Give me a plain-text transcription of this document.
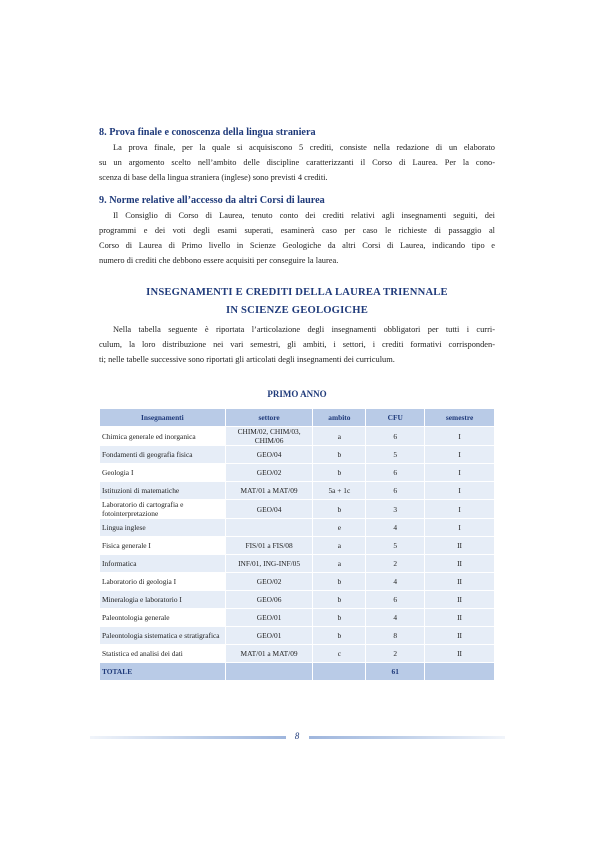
8. Prova finale e conoscenza della lingua straniera
La prova finale, per la quale si acquisiscono 5 crediti, consiste nella redazione di un elaborato
su un argomento scelto nell’ambito delle discipline caratterizzanti il Corso di Laurea. Per la cono-
scenza di base della lingua straniera (inglese) sono previsti 4 crediti.
9. Norme relative all’accesso da altri Corsi di laurea
Il Consiglio di Corso di Laurea, tenuto conto dei crediti relativi agli insegnamenti seguiti, dei
programmi e dei voti degli esami superati, esaminerà caso per caso le richieste di passaggio al
Corso di Laurea di Primo livello in Scienze Geologiche da altri Corsi di Laurea, indicando tipo e
numero di crediti che debbono essere acquisiti per conseguire la laurea.
INSEGNAMENTI E CREDITI DELLA LAUREA TRIENNALE
IN SCIENZE GEOLOGICHE
Nella tabella seguente è riportata l’articolazione degli insegnamenti obbligatori per tutti i curri-
culum, la loro distribuzione nei vari semestri, gli ambiti, i settori, i crediti formativi corrisponden-
ti; nelle tabelle successive sono riportati gli articolati degli insegnamenti dei curriculum.
PRIMO ANNO
Insegnamenti	settore	ambito	CFU	semestre
Chimica generale ed inorganica	CHIM/02, CHIM/03, CHIM/06	a	6	I
Fondamenti di geografia fisica	GEO/04	b	5	I
Geologia I	GEO/02	b	6	I
Istituzioni di matematiche	MAT/01 a MAT/09	5a + 1c	6	I
Laboratorio di cartografia e fotointerpretazione	GEO/04	b	3	I
Lingua inglese		e	4	I
Fisica generale I	FIS/01 a FIS/08	a	5	II
Informatica	INF/01, ING-INF/05	a	2	II
Laboratorio di geologia I	GEO/02	b	4	II
Mineralogia e laboratorio I	GEO/06	b	6	II
Paleontologia generale	GEO/01	b	4	II
Paleontologia sistematica e stratigrafica	GEO/01	b	8	II
Statistica ed analisi dei dati	MAT/01 a MAT/09	c	2	II
TOTALE			61	
8
